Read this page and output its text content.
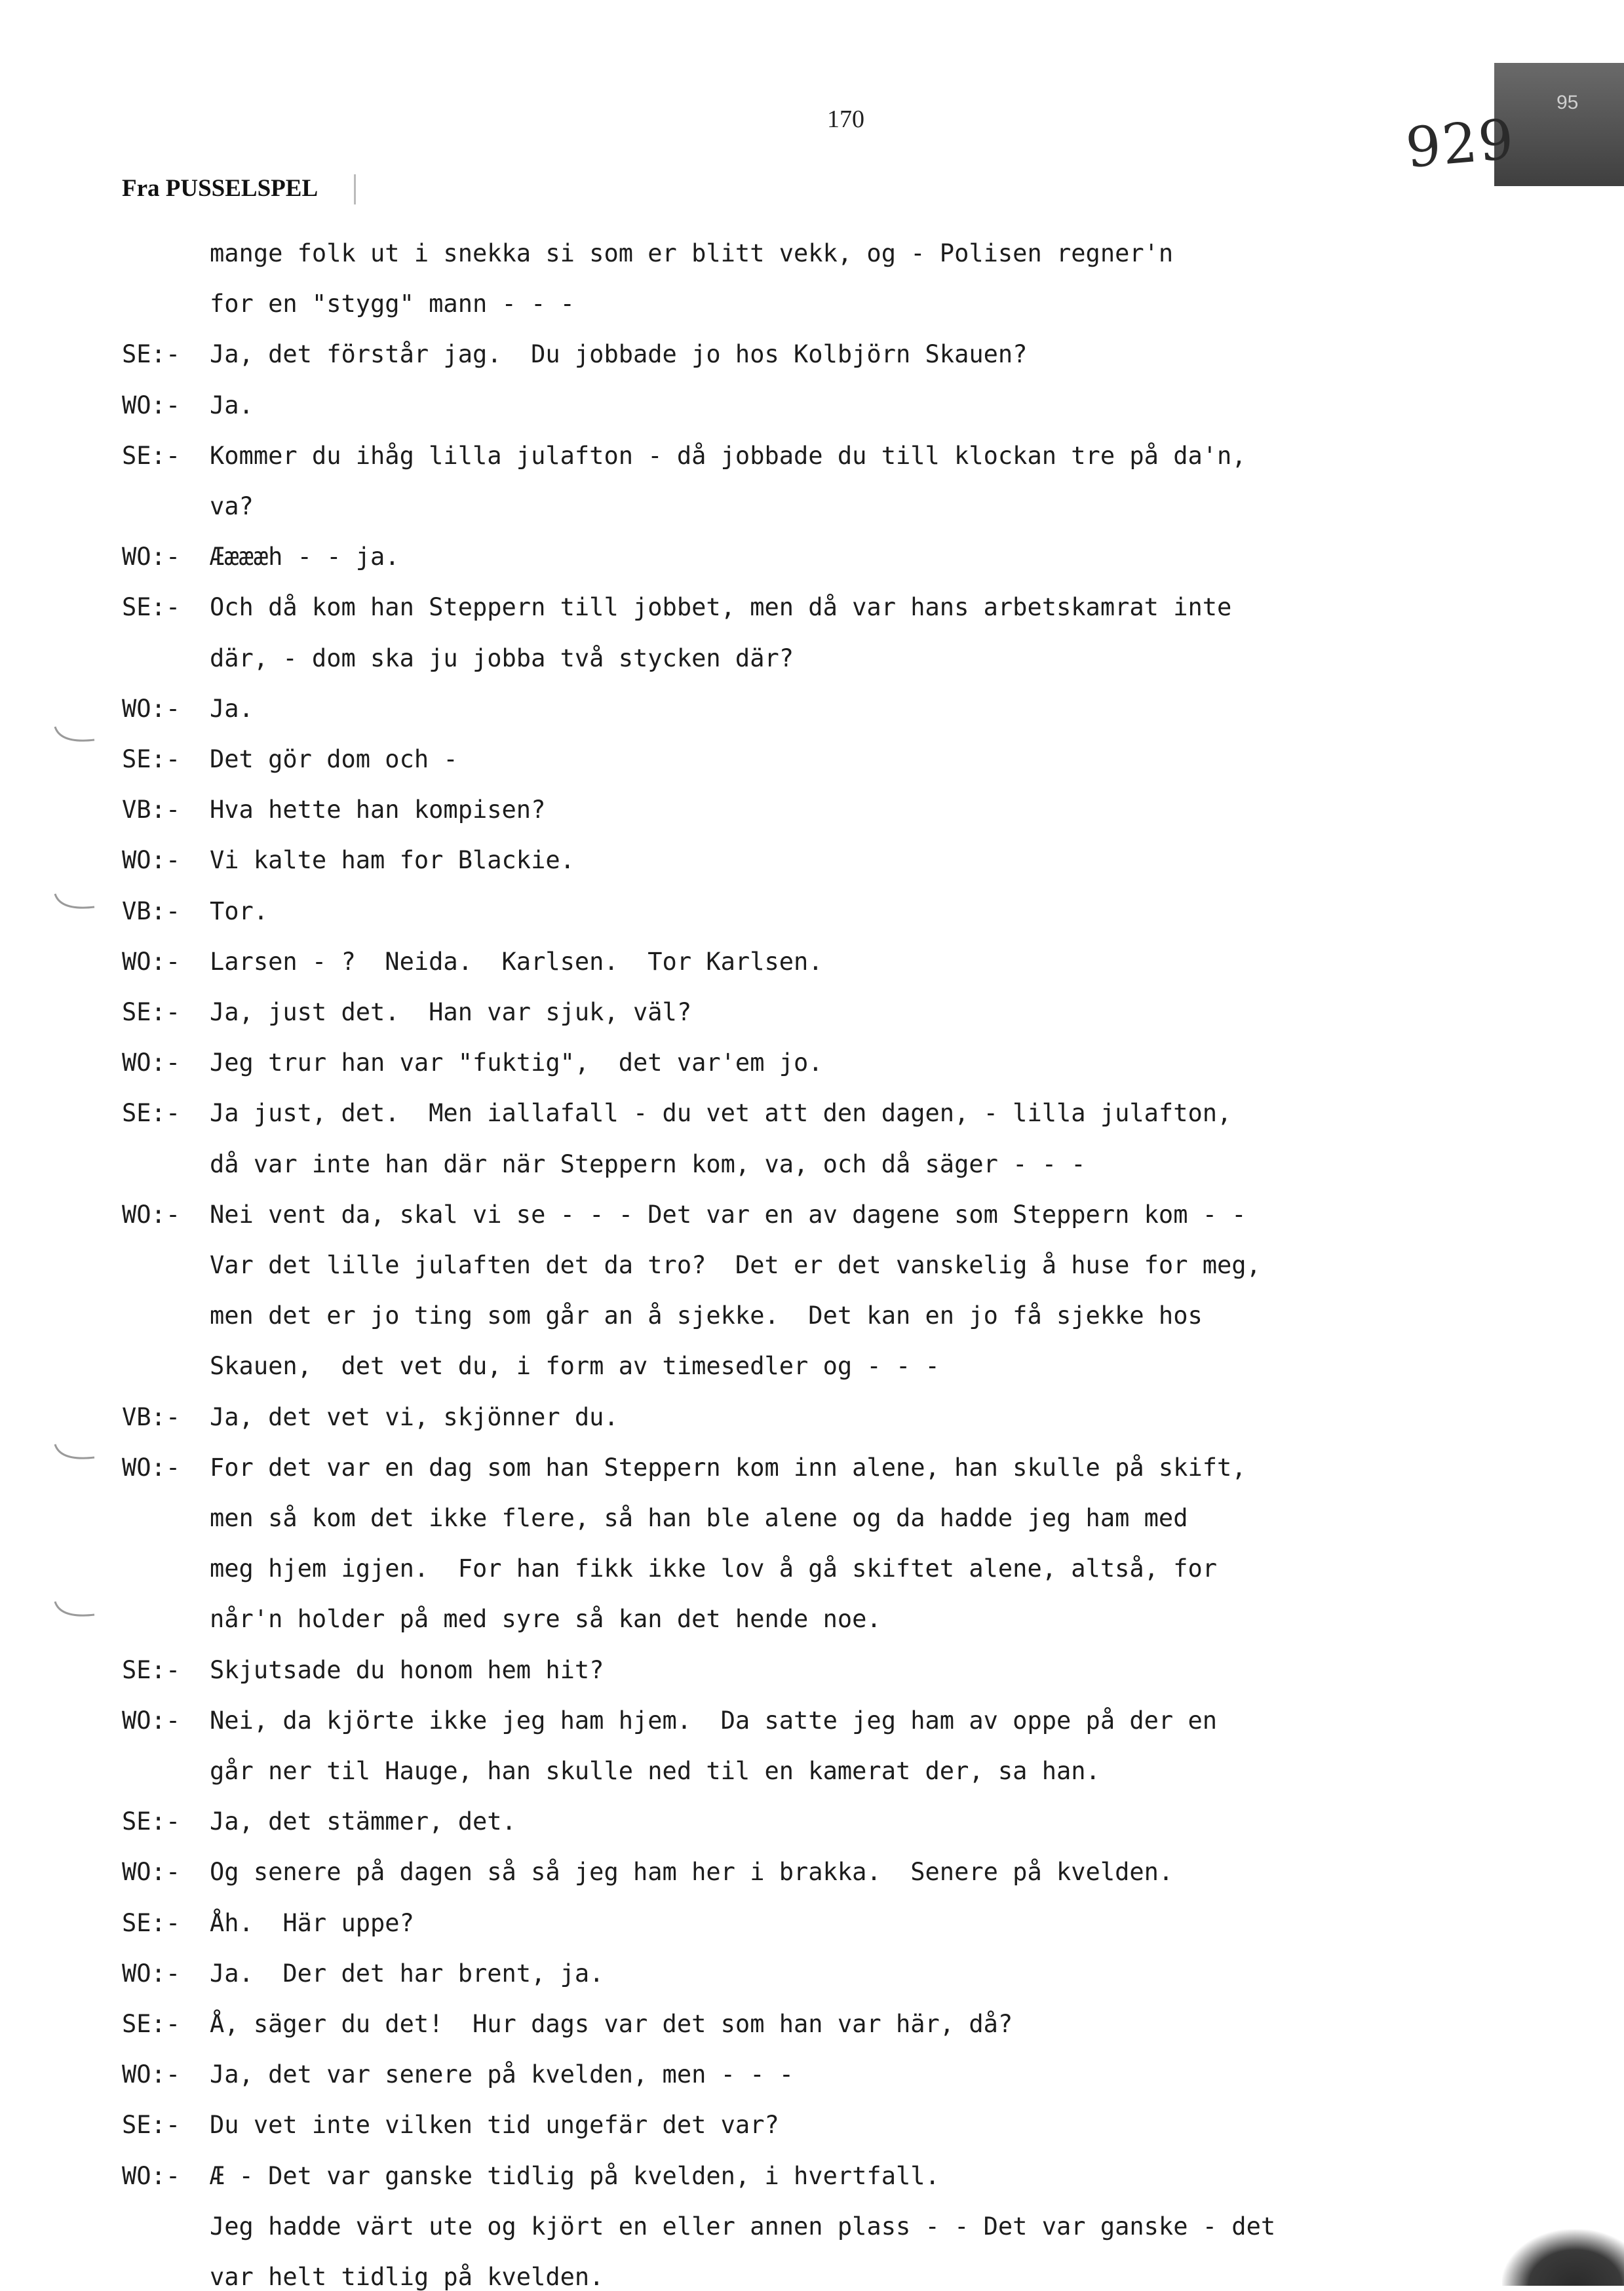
95
170	929
Fra PUSSELSPEL
mange folk ut i snekka si som er blitt vekk, og - Polisen regner'n
for en "stygg" mann - - -
SE:- Ja, det förstår jag.  Du jobbade jo hos Kolbjörn Skauen?
WO:- Ja.
SE:- Kommer du ihåg lilla julafton - då jobbade du till klockan tre på da'n,
va?
WO:- Ææææh - - ja.
SE:- Och då kom han Steppern till jobbet, men då var hans arbetskamrat inte
där, - dom ska ju jobba två stycken där?
WO:- Ja.
SE:- Det gör dom och -
VB:- Hva hette han kompisen?
WO:- Vi kalte ham for Blackie.
VB:- Tor.
WO:- Larsen - ?  Neida.  Karlsen.  Tor Karlsen.
SE:- Ja, just det.  Han var sjuk, väl?
WO:- Jeg trur han var "fuktig",  det var'em jo.
SE:- Ja just, det.  Men iallafall - du vet att den dagen, - lilla julafton,
då var inte han där när Steppern kom, va, och då säger - - -
WO:- Nei vent da, skal vi se - - - Det var en av dagene som Steppern kom - -
Var det lille julaften det da tro?  Det er det vanskelig å huse for meg,
men det er jo ting som går an å sjekke.  Det kan en jo få sjekke hos
Skauen,  det vet du, i form av timesedler og - - -
VB:- Ja, det vet vi, skjönner du.
WO:- For det var en dag som han Steppern kom inn alene, han skulle på skift,
men så kom det ikke flere, så han ble alene og da hadde jeg ham med
meg hjem igjen.  For han fikk ikke lov å gå skiftet alene, altså, for
når'n holder på med syre så kan det hende noe.
SE:- Skjutsade du honom hem hit?
WO:- Nei, da kjörte ikke jeg ham hjem.  Da satte jeg ham av oppe på der en
går ner til Hauge, han skulle ned til en kamerat der, sa han.
SE:- Ja, det stämmer, det.
WO:- Og senere på dagen så så jeg ham her i brakka.  Senere på kvelden.
SE:- Åh.  Här uppe?
WO:- Ja.  Der det har brent, ja.
SE:- Å, säger du det!  Hur dags var det som han var här, då?
WO:- Ja, det var senere på kvelden, men - - -
SE:- Du vet inte vilken tid ungefär det var?
WO:- Æ - Det var ganske tidlig på kvelden, i hvertfall.
Jeg hadde värt ute og kjört en eller annen plass - - Det var ganske - det
var helt tidlig på kvelden.
